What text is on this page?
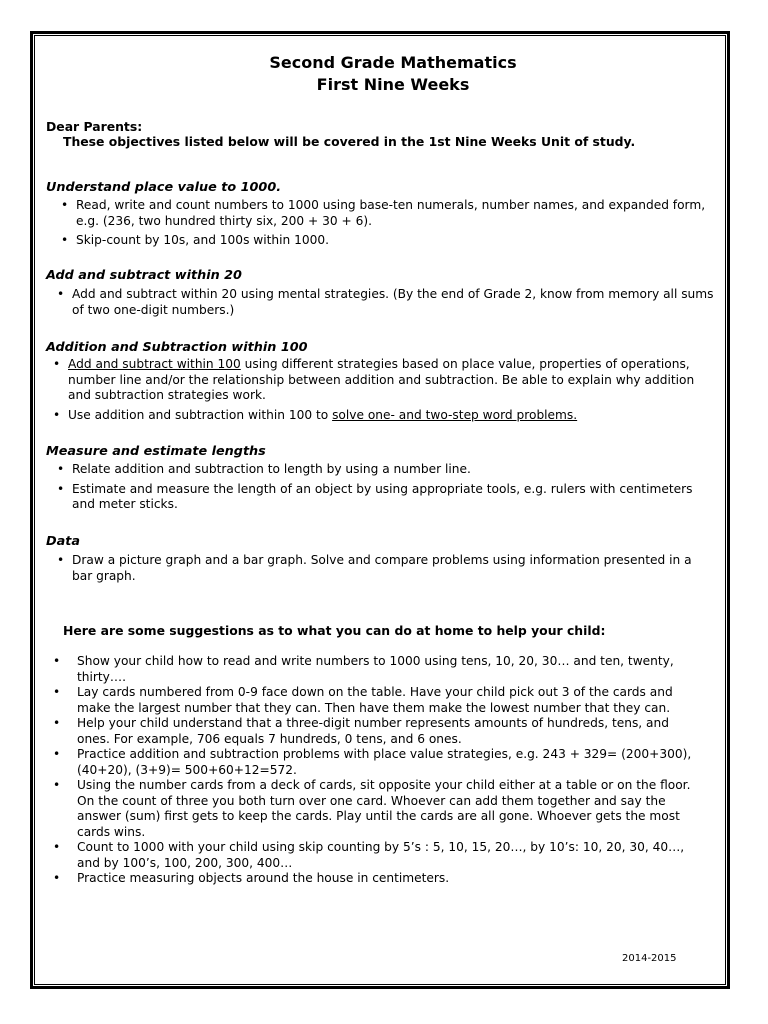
Second Grade Mathematics
First Nine Weeks
Dear Parents:
These objectives listed below will be covered in the 1st Nine Weeks Unit of study.
Understand place value to 1000.
• Read, write and count numbers to 1000 using base-ten numerals, number names, and expanded form, e.g. (236, two hundred thirty six, 200 + 30 + 6).
• Skip-count by 10s, and 100s within 1000.
Add and subtract within 20
• Add and subtract within 20 using mental strategies. (By the end of Grade 2, know from memory all sums of two one-digit numbers.)
Addition and Subtraction within 100
• Add and subtract within 100 using different strategies based on place value, properties of operations, number line and/or the relationship between addition and subtraction. Be able to explain why addition and subtraction strategies work.
• Use addition and subtraction within 100 to solve one- and two-step word problems.
Measure and estimate lengths
• Relate addition and subtraction to length by using a number line.
• Estimate and measure the length of an object by using appropriate tools, e.g. rulers with centimeters and meter sticks.
Data
• Draw a picture graph and a bar graph. Solve and compare problems using information presented in a bar graph.
Here are some suggestions as to what you can do at home to help your child:
• Show your child how to read and write numbers to 1000 using tens, 10, 20, 30… and ten, twenty, thirty….
• Lay cards numbered from 0-9 face down on the table. Have your child pick out 3 of the cards and make the largest number that they can. Then have them make the lowest number that they can.
• Help your child understand that a three-digit number represents amounts of hundreds, tens, and ones. For example, 706 equals 7 hundreds, 0 tens, and 6 ones.
• Practice addition and subtraction problems with place value strategies, e.g. 243 + 329= (200+300), (40+20), (3+9)= 500+60+12=572.
• Using the number cards from a deck of cards, sit opposite your child either at a table or on the floor. On the count of three you both turn over one card. Whoever can add them together and say the answer (sum) first gets to keep the cards. Play until the cards are all gone. Whoever gets the most cards wins.
• Count to 1000 with your child using skip counting by 5’s : 5, 10, 15, 20…, by 10’s: 10, 20, 30, 40…, and by 100’s, 100, 200, 300, 400…
• Practice measuring objects around the house in centimeters.
2014-2015
